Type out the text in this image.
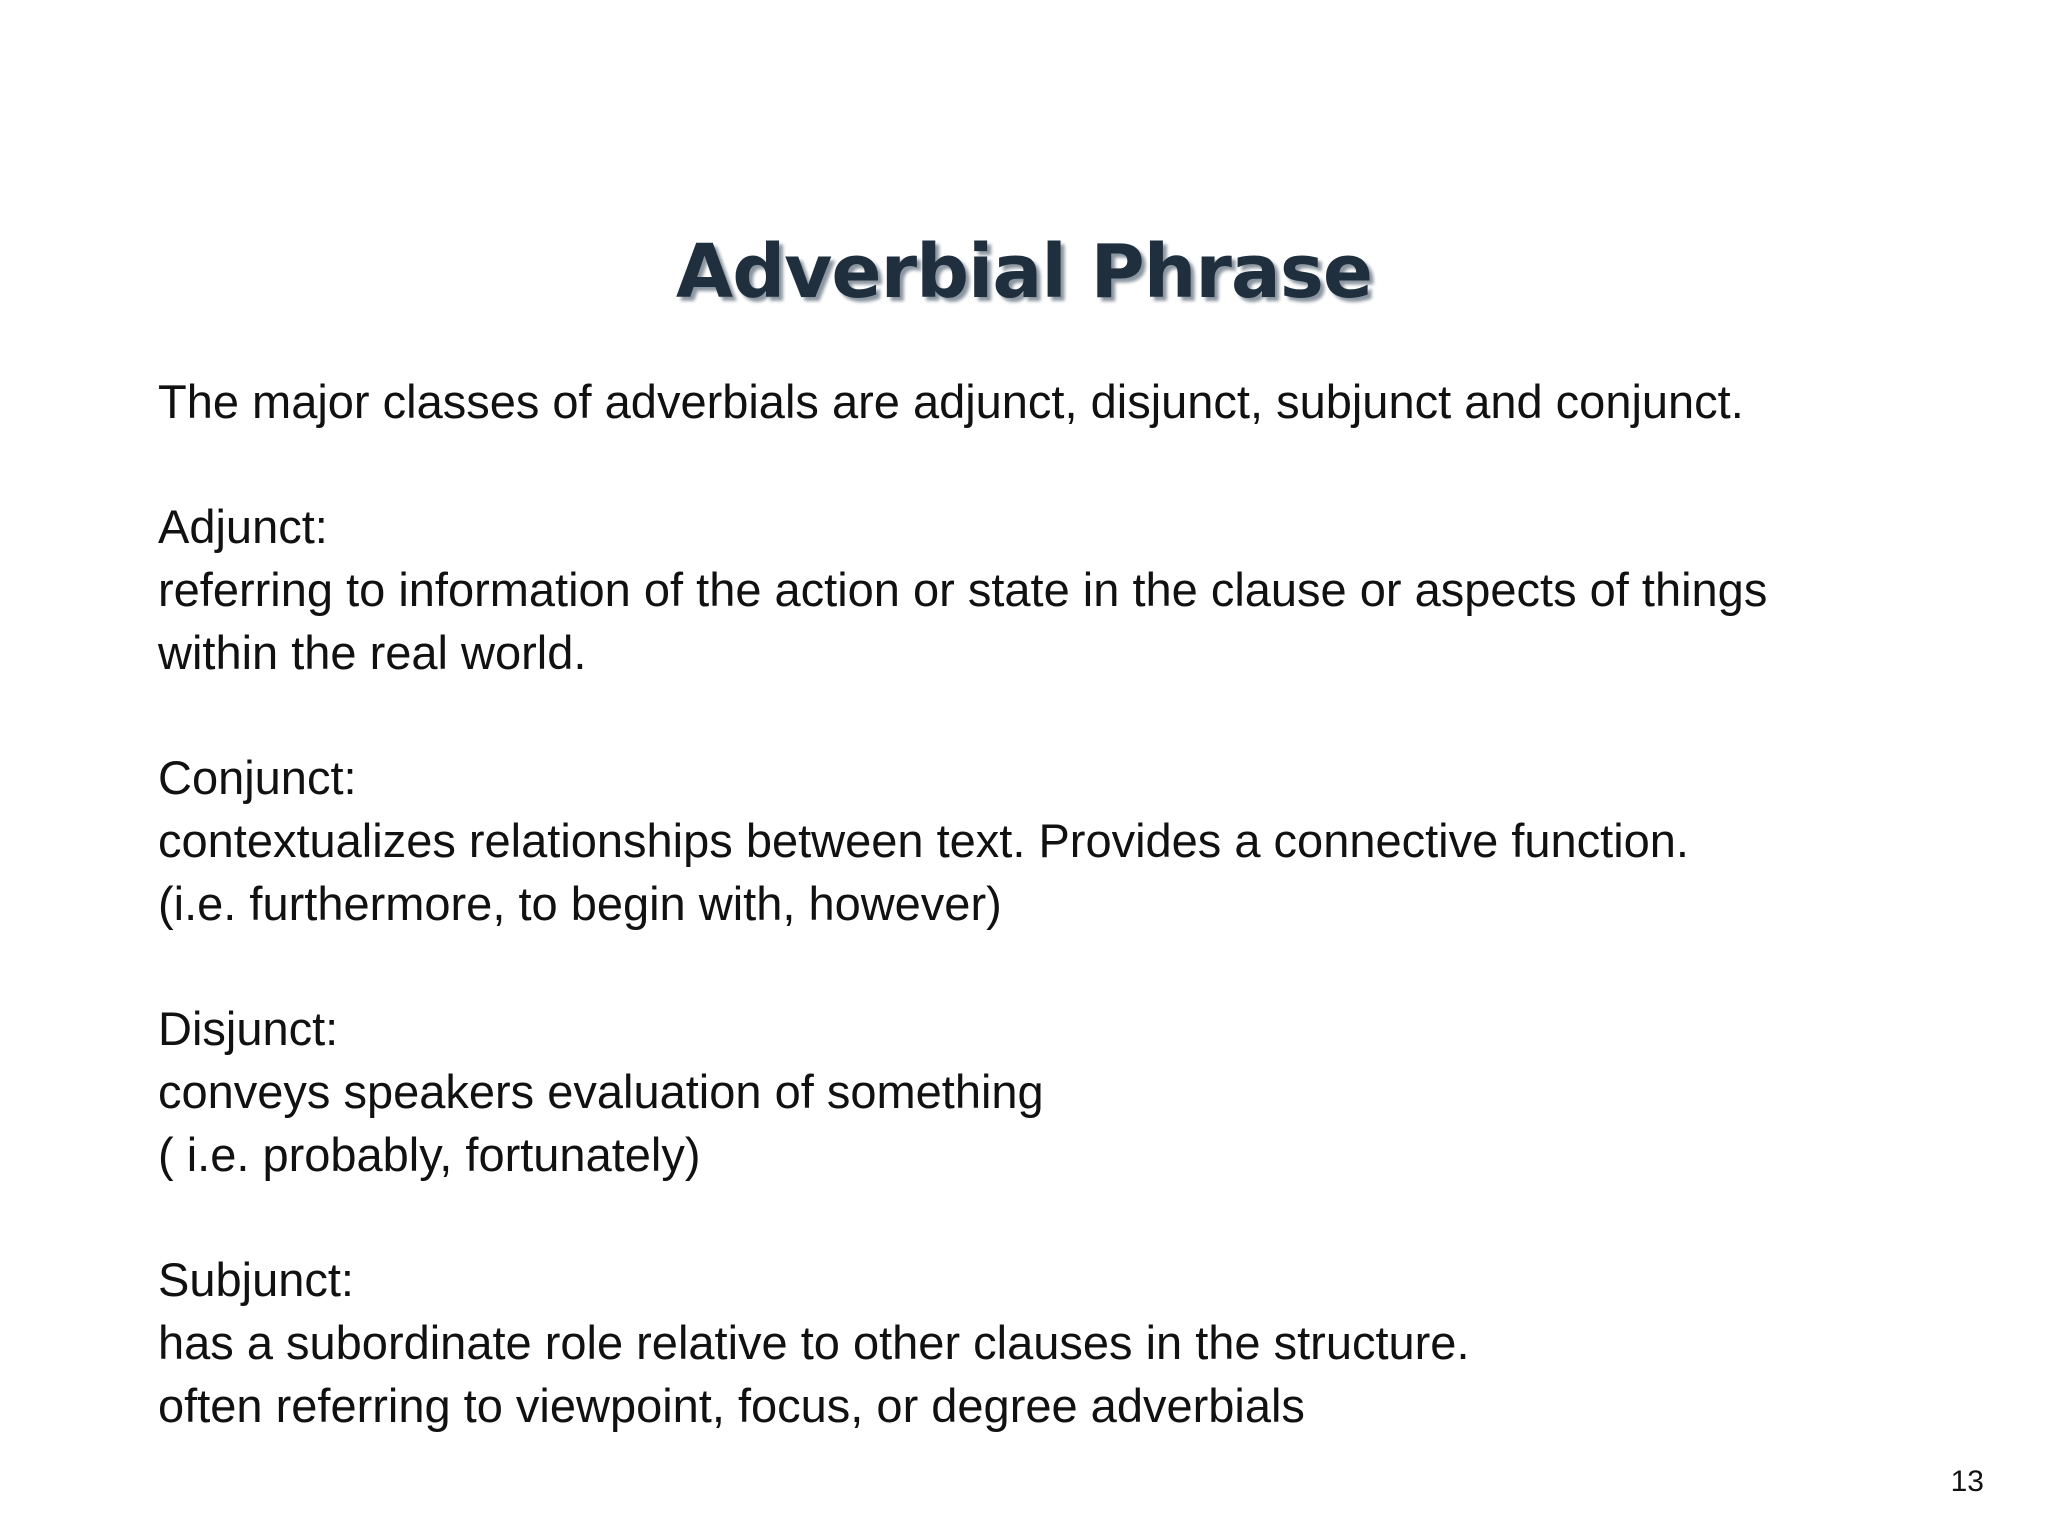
Adverbial Phrase
The major classes of adverbials are adjunct, disjunct, subjunct and conjunct.
Adjunct:
referring to information of the action or state in the clause or aspects of things
within the real world.
Conjunct:
contextualizes relationships between text. Provides a connective function.
(i.e. furthermore, to begin with, however)
Disjunct:
conveys speakers evaluation of something
( i.e. probably, fortunately)
Subjunct:
has a subordinate role relative to other clauses in the structure.
often referring to viewpoint, focus, or degree adverbials
13
